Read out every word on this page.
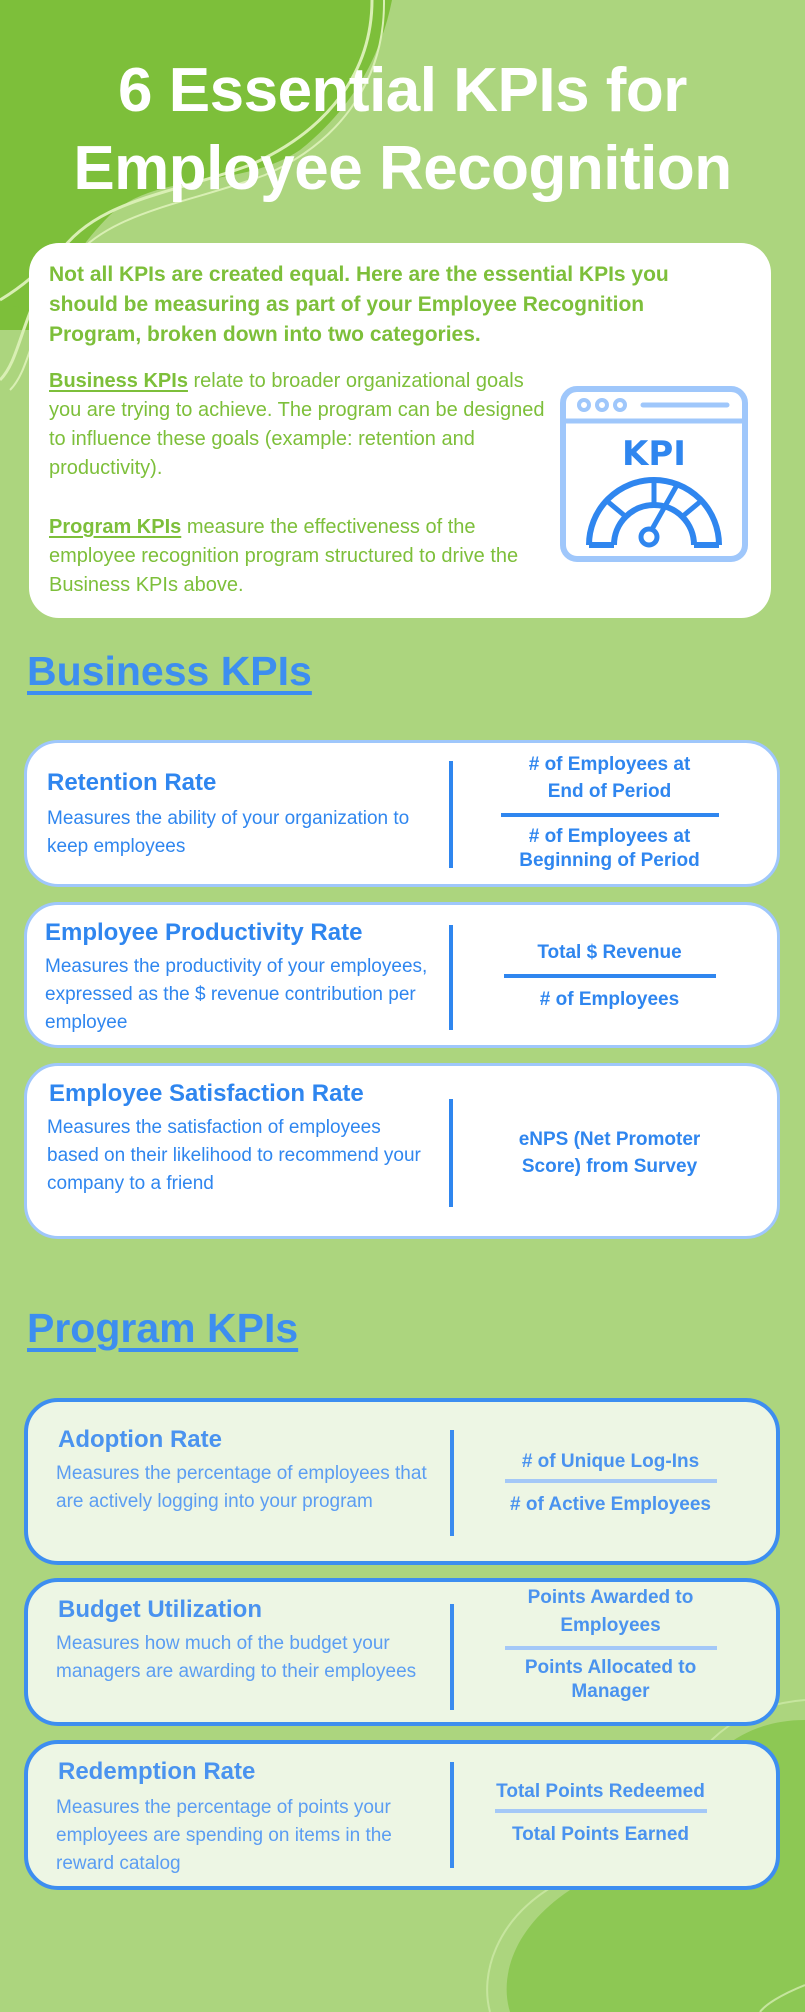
6 Essential KPIs for
Employee Recognition
Not all KPIs are created equal. Here are the essential KPIs you should be measuring as part of your Employee Recognition Program, broken down into two categories.
Business KPIs relate to broader organizational goals you are trying to achieve. The program can be designed to influence these goals (example: retention and productivity).
Program KPIs measure the effectiveness of the employee recognition program structured to drive the Business KPIs above.
KPI
Business KPIs
Retention Rate
Measures the ability of your organization to keep employees
# of Employees at End of Period
# of Employees at Beginning of Period
Employee Productivity Rate
Measures the productivity of your employees, expressed as the $ revenue contribution per employee
Total $ Revenue
# of Employees
Employee Satisfaction Rate
Measures the satisfaction of employees based on their likelihood to recommend your company to a friend
eNPS (Net Promoter Score) from Survey
Program KPIs
Adoption Rate
Measures the percentage of employees that are actively logging into your program
# of Unique Log-Ins
# of Active Employees
Budget Utilization
Measures how much of the budget your managers are awarding to their employees
Points Awarded to Employees
Points Allocated to Manager
Redemption Rate
Measures the percentage of points your employees are spending on items in the reward catalog
Total Points Redeemed
Total Points Earned
